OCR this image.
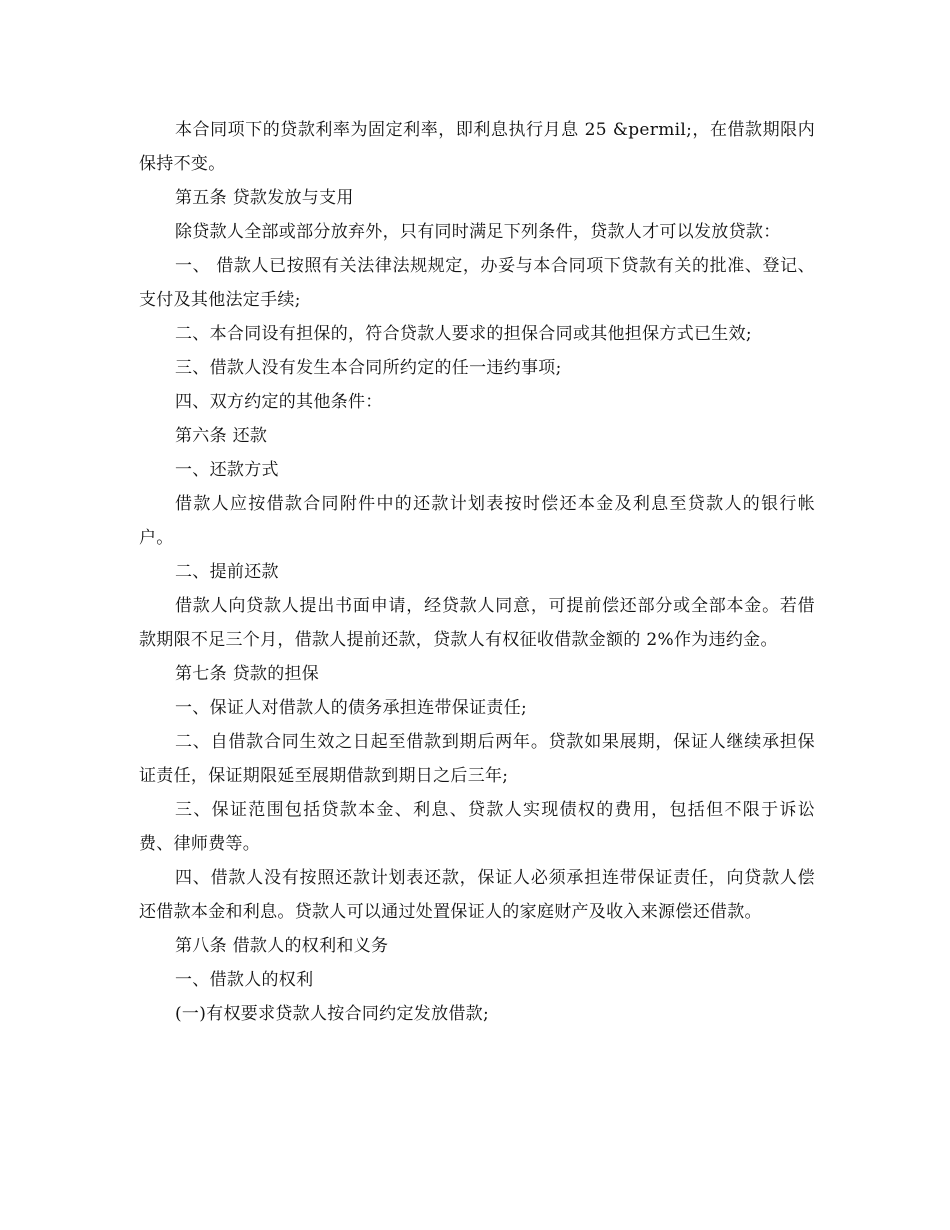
本合同项下的贷款利率为固定利率，即利息执行月息 25 &permil;，在借款期限内保持不变。

第五条 贷款发放与支用

除贷款人全部或部分放弃外，只有同时满足下列条件，贷款人才可以发放贷款：

一、 借款人已按照有关法律法规规定，办妥与本合同项下贷款有关的批准、登记、支付及其他法定手续;

二、本合同设有担保的，符合贷款人要求的担保合同或其他担保方式已生效;

三、借款人没有发生本合同所约定的任一违约事项;

四、双方约定的其他条件：

第六条 还款

一、还款方式

借款人应按借款合同附件中的还款计划表按时偿还本金及利息至贷款人的银行帐户。

二、提前还款

借款人向贷款人提出书面申请，经贷款人同意，可提前偿还部分或全部本金。若借款期限不足三个月，借款人提前还款，贷款人有权征收借款金额的 2%作为违约金。

第七条 贷款的担保

一、保证人对借款人的债务承担连带保证责任;

二、自借款合同生效之日起至借款到期后两年。贷款如果展期，保证人继续承担保证责任，保证期限延至展期借款到期日之后三年;

三、保证范围包括贷款本金、利息、贷款人实现债权的费用，包括但不限于诉讼费、律师费等。

四、借款人没有按照还款计划表还款，保证人必须承担连带保证责任，向贷款人偿还借款本金和利息。贷款人可以通过处置保证人的家庭财产及收入来源偿还借款。

第八条 借款人的权利和义务

一、借款人的权利

(一)有权要求贷款人按合同约定发放借款;
